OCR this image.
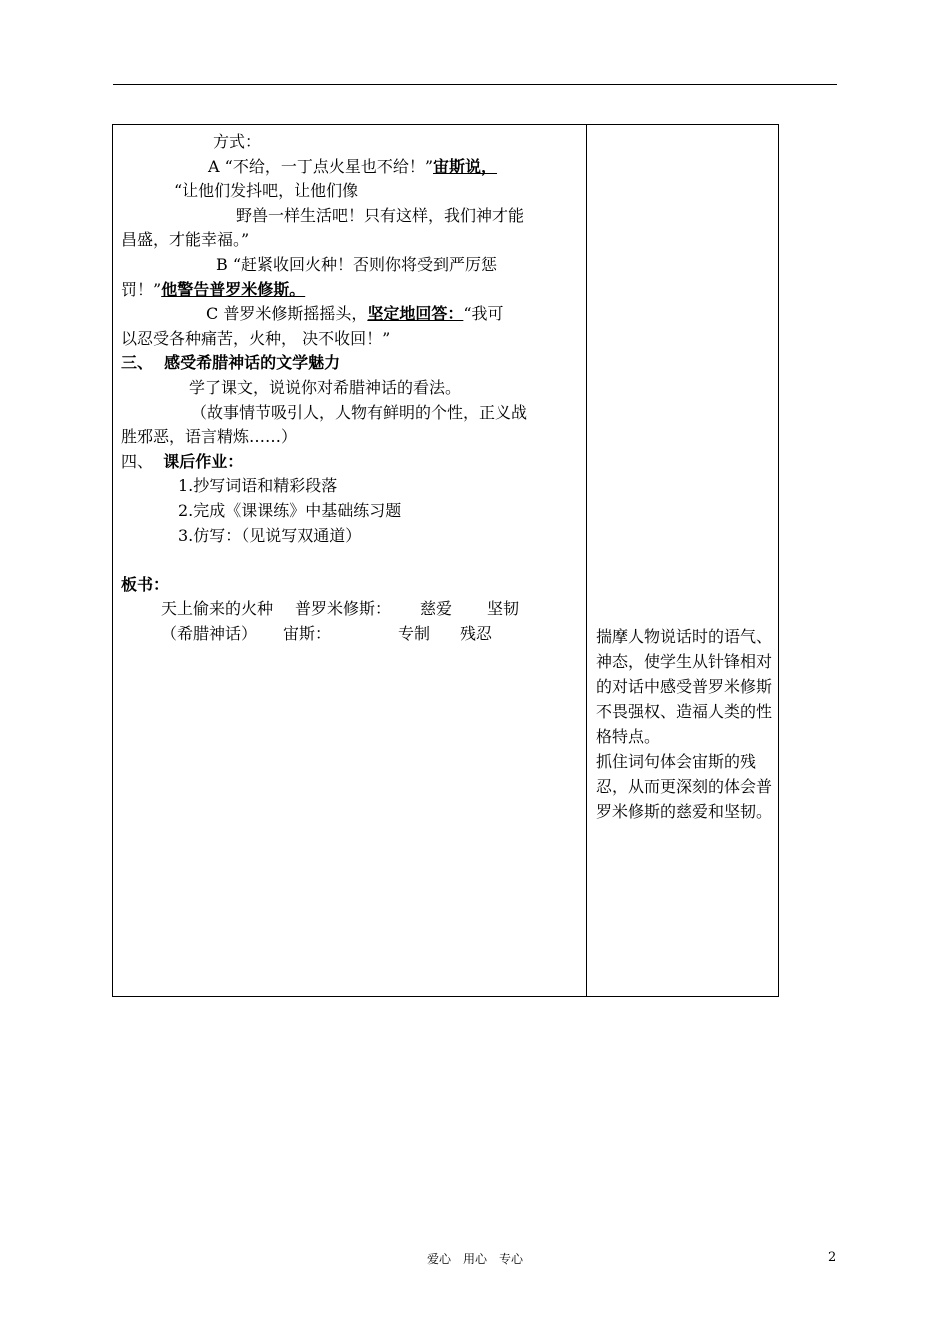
方式：

A “不给，一丁点火星也不给！”宙斯说，

“让他们发抖吧，让他们像

野兽一样生活吧！只有这样，我们神才能

昌盛，才能幸福。”

B “赶紧收回火种！否则你将受到严厉惩

罚！”他警告普罗米修斯。

C 普罗米修斯摇摇头，坚定地回答：“我可

以忍受各种痛苦，火种， 决不收回！”

三、 感受希腊神话的文学魅力

学了课文，说说你对希腊神话的看法。

（故事情节吸引人，人物有鲜明的个性，正义战

胜邪恶，语言精炼……）

四、 课后作业：

1.抄写词语和精彩段落

2.完成《课课练》中基础练习题

3.仿写：（见说写双通道）

板书：

天上偷来的火种 普罗米修斯： 慈爱 坚韧

（希腊神话） 宙斯：	专制 残忍	揣摩人物说话时的语气、神态，使学生从针锋相对的对话中感受普罗米修斯不畏强权、造福人类的性格特点。

抓住词句体会宙斯的残忍，从而更深刻的体会普罗米修斯的慈爱和坚韧。

爱心　用心　专心	2
